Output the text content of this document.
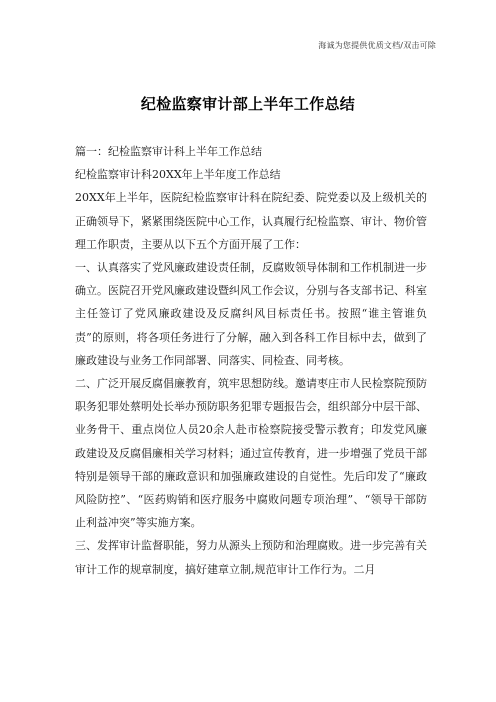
海诚为您提供优质文档/双击可除
纪检监察审计部上半年工作总结

篇一：纪检监察审计科上半年工作总结

纪检监察审计科20XX年上半年度工作总结

20XX年上半年，医院纪检监察审计科在院纪委、院党委以及上级机关的正确领导下，紧紧围绕医院中心工作，认真履行纪检监察、审计、物价管理工作职责，主要从以下五个方面开展了工作：

一、认真落实了党风廉政建设责任制，反腐败领导体制和工作机制进一步确立。医院召开党风廉政建设暨纠风工作会议，分别与各支部书记、科室主任签订了党风廉政建设及反腐纠风目标责任书。按照“谁主管谁负责”的原则，将各项任务进行了分解，融入到各科工作目标中去，做到了廉政建设与业务工作同部署、同落实、同检查、同考核。

二、广泛开展反腐倡廉教育，筑牢思想防线。邀请枣庄市人民检察院预防职务犯罪处蔡明处长举办预防职务犯罪专题报告会，组织部分中层干部、业务骨干、重点岗位人员20余人赴市检察院接受警示教育；印发党风廉政建设及反腐倡廉相关学习材料；通过宣传教育，进一步增强了党员干部特别是领导干部的廉政意识和加强廉政建设的自觉性。先后印发了“廉政风险防控”、“医药购销和医疗服务中腐败问题专项治理”、“领导干部防止利益冲突”等实施方案。

三、发挥审计监督职能，努力从源头上预防和治理腐败。进一步完善有关审计工作的规章制度，搞好建章立制,规范审计工作行为。二月
